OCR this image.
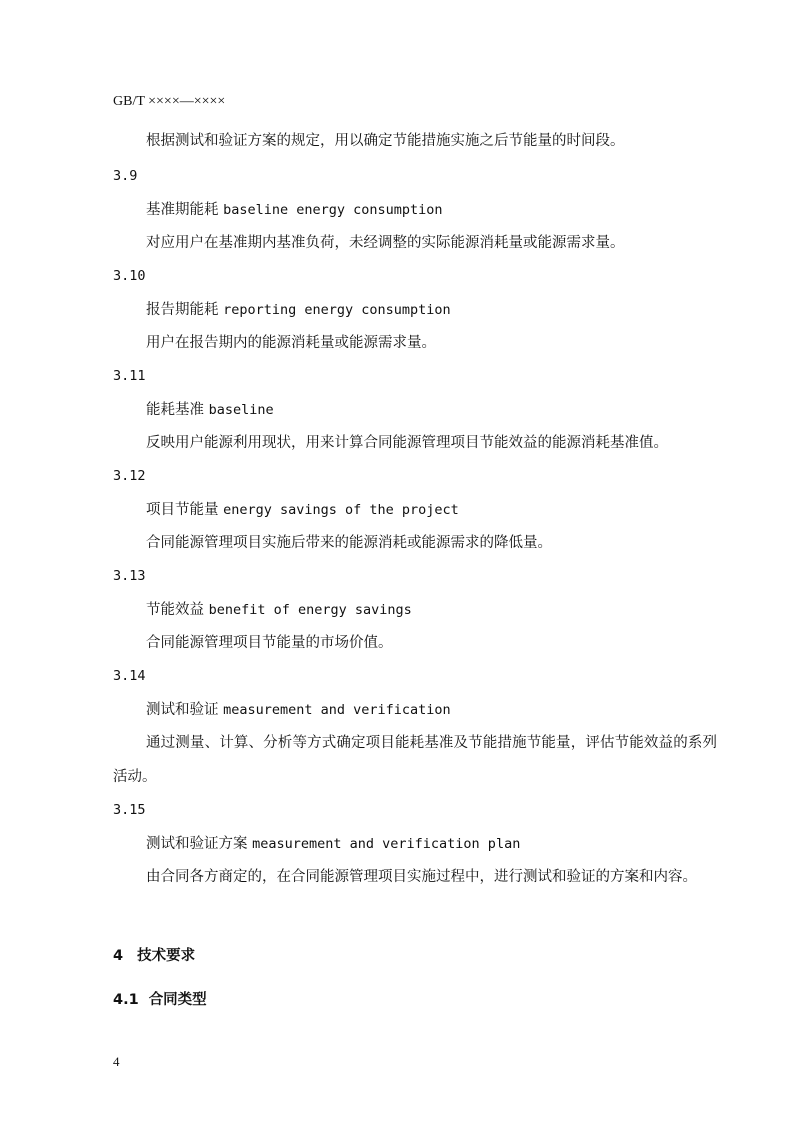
GB/T ××××—××××
根据测试和验证方案的规定，用以确定节能措施实施之后节能量的时间段。
3.9
基准期能耗 baseline energy consumption
对应用户在基准期内基准负荷，未经调整的实际能源消耗量或能源需求量。
3.10
报告期能耗 reporting energy consumption
用户在报告期内的能源消耗量或能源需求量。
3.11
能耗基准 baseline
反映用户能源利用现状，用来计算合同能源管理项目节能效益的能源消耗基准值。
3.12
项目节能量 energy savings of the project
合同能源管理项目实施后带来的能源消耗或能源需求的降低量。
3.13
节能效益 benefit of energy savings
合同能源管理项目节能量的市场价值。
3.14
测试和验证 measurement and verification
通过测量、计算、分析等方式确定项目能耗基准及节能措施节能量，评估节能效益的系列活动。
3.15
测试和验证方案 measurement and verification plan
由合同各方商定的，在合同能源管理项目实施过程中，进行测试和验证的方案和内容。
4 技术要求
4.1 合同类型
4
